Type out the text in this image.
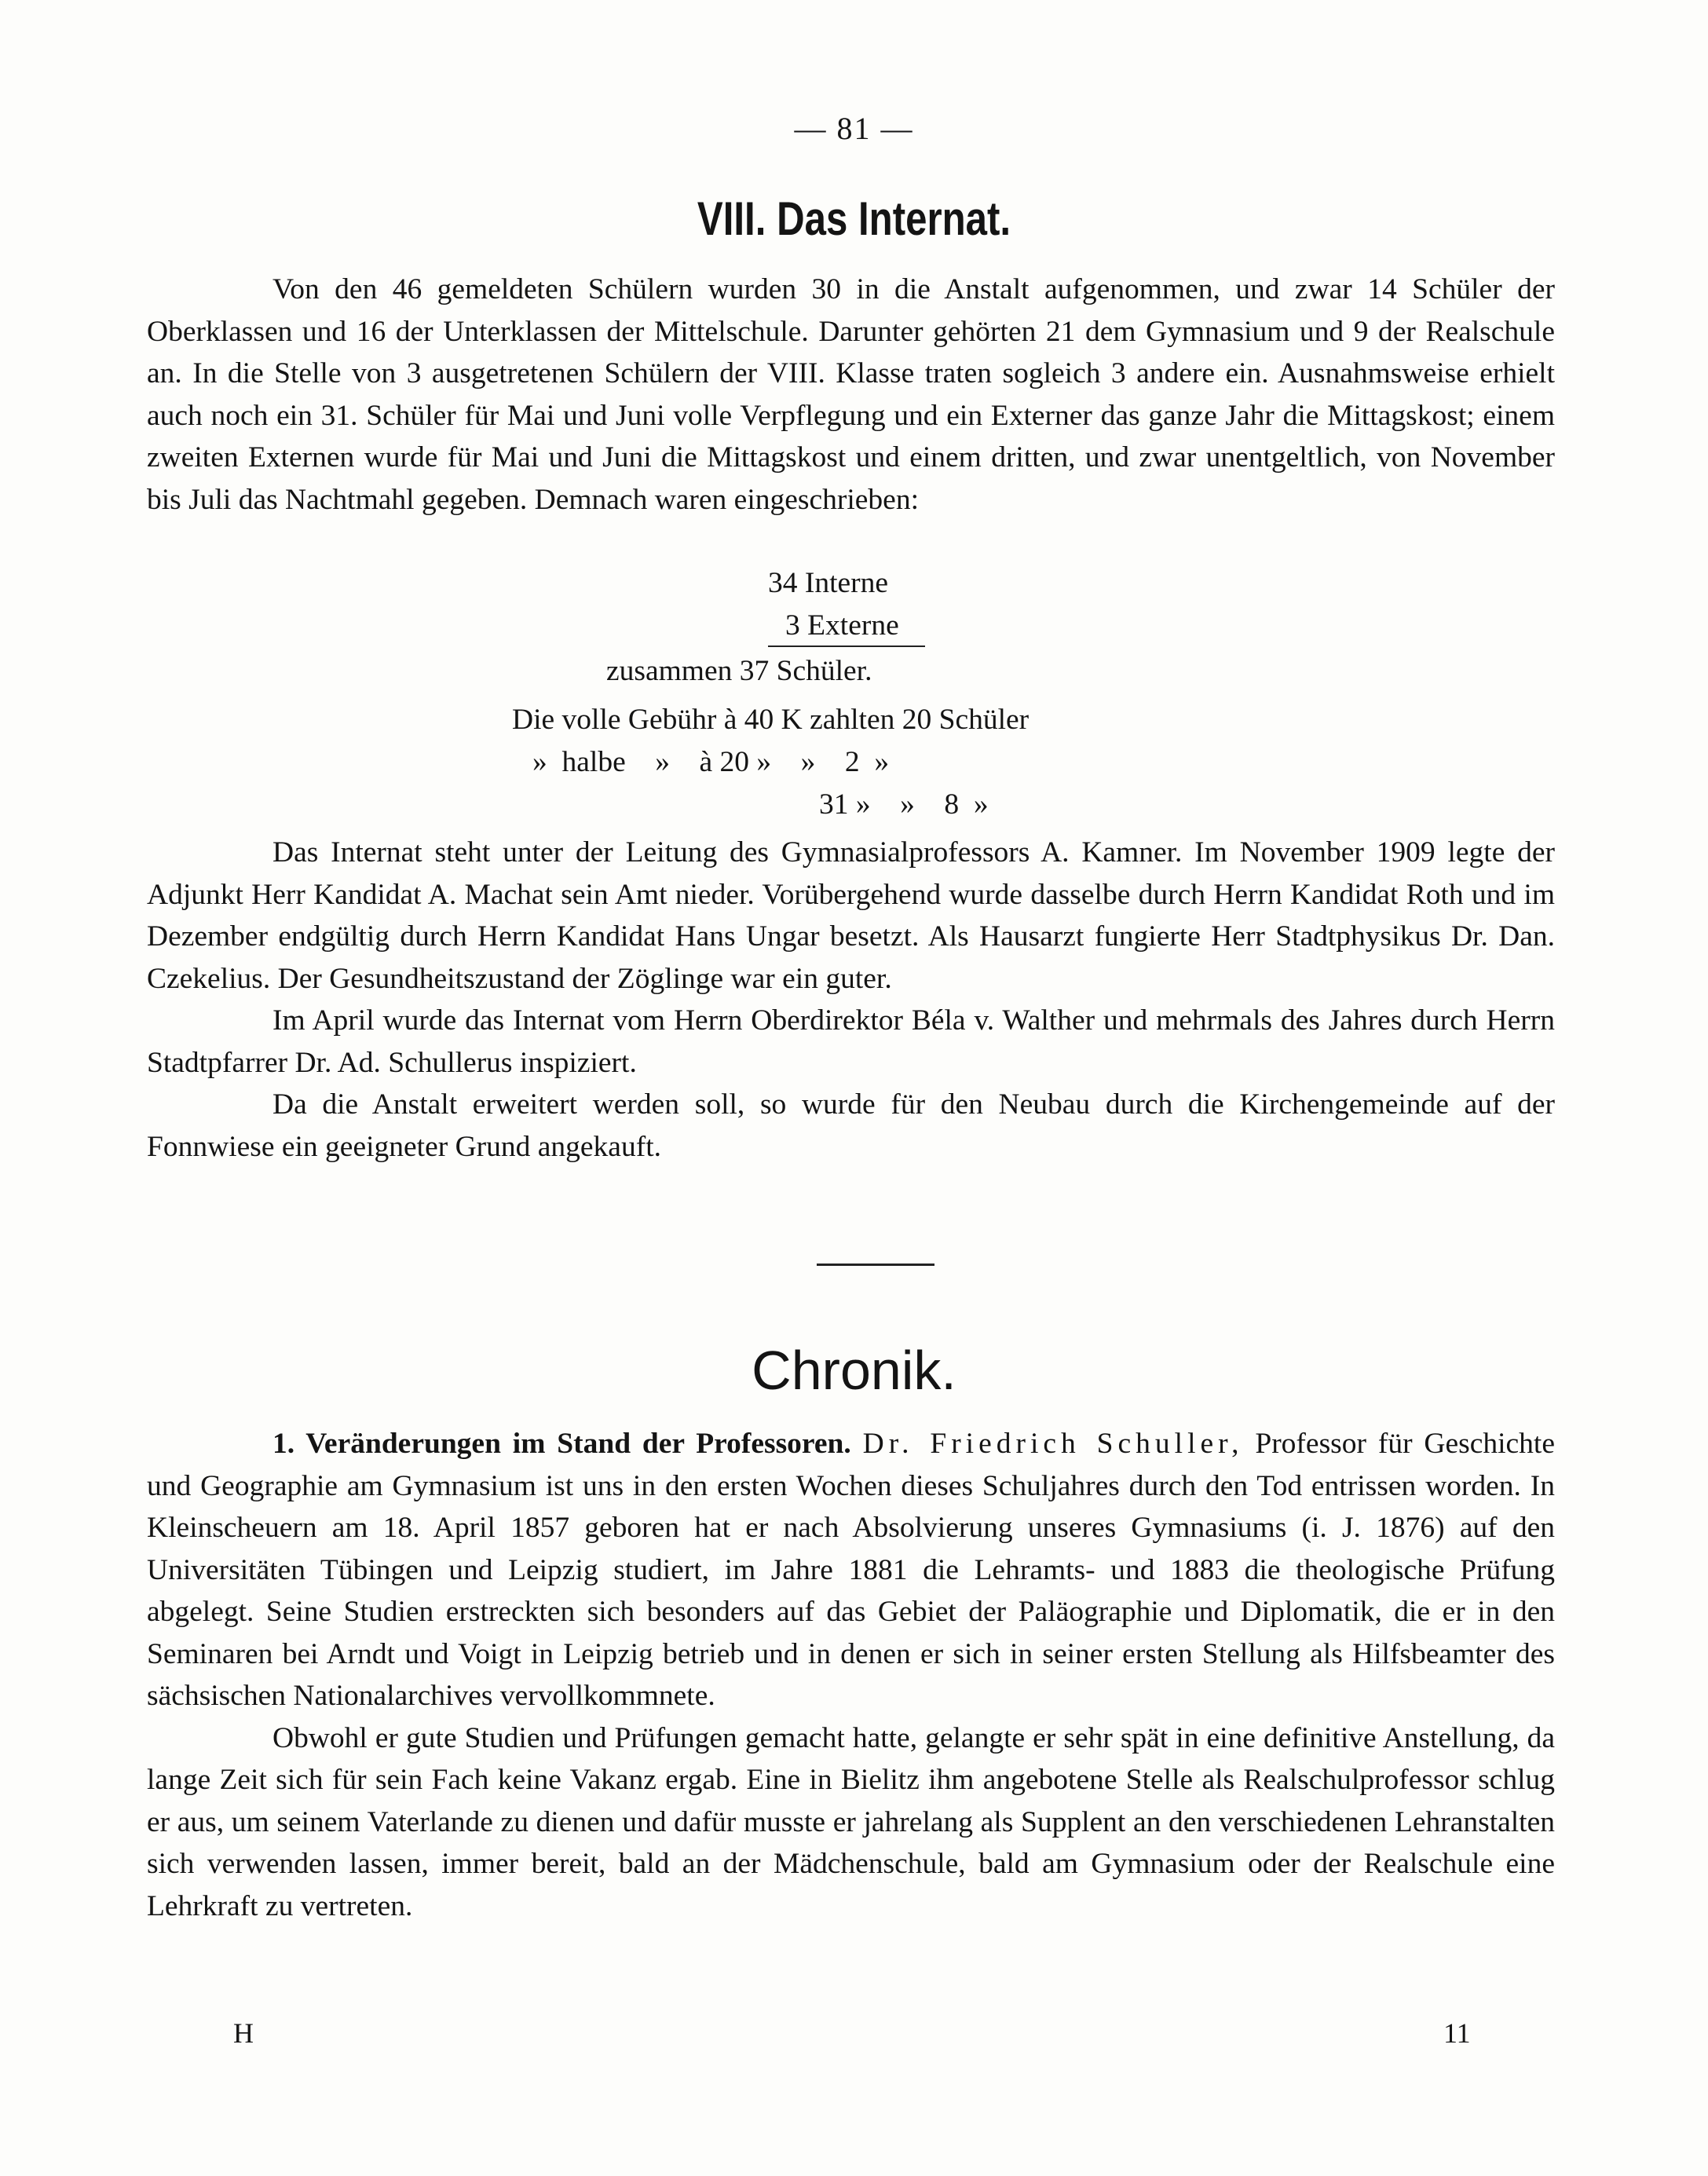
— 81 —
VIII. Das Internat.

Von den 46 gemeldeten Schülern wurden 30 in die Anstalt aufgenommen, und zwar 14 Schüler der Oberklassen und 16 der Unterklassen der Mittelschule. Darunter gehörten 21 dem Gymnasium und 9 der Realschule an. In die Stelle von 3 ausgetretenen Schülern der VIII. Klasse traten sogleich 3 andere ein. Ausnahmsweise erhielt auch noch ein 31. Schüler für Mai und Juni volle Verpflegung und ein Externer das ganze Jahr die Mittagskost; einem zweiten Externen wurde für Mai und Juni die Mittagskost und einem dritten, und zwar unentgeltlich, von November bis Juli das Nachtmahl gegeben. Demnach waren eingeschrieben:

34 Interne
3 Externe
zusammen 37 Schüler.
Die volle Gebühr à 40 K zahlten 20 Schüler
»  halbe    »    à 20 »    »    2  »
31 »    »    8  »

Das Internat steht unter der Leitung des Gymnasialprofessors A. Kamner. Im November 1909 legte der Adjunkt Herr Kandidat A. Machat sein Amt nieder. Vorübergehend wurde dasselbe durch Herrn Kandidat Roth und im Dezember endgültig durch Herrn Kandidat Hans Ungar besetzt. Als Hausarzt fungierte Herr Stadtphysikus Dr. Dan. Czekelius. Der Gesundheitszustand der Zöglinge war ein guter.

Im April wurde das Internat vom Herrn Oberdirektor Béla v. Walther und mehrmals des Jahres durch Herrn Stadtpfarrer Dr. Ad. Schullerus inspiziert.

Da die Anstalt erweitert werden soll, so wurde für den Neubau durch die Kirchengemeinde auf der Fonnwiese ein geeigneter Grund angekauft.

Chronik.

1. Veränderungen im Stand der Professoren. Dr. Friedrich Schuller, Professor für Geschichte und Geographie am Gymnasium ist uns in den ersten Wochen dieses Schuljahres durch den Tod entrissen worden. In Kleinscheuern am 18. April 1857 geboren hat er nach Absolvierung unseres Gymnasiums (i. J. 1876) auf den Universitäten Tübingen und Leipzig studiert, im Jahre 1881 die Lehramts- und 1883 die theologische Prüfung abgelegt. Seine Studien erstreckten sich besonders auf das Gebiet der Paläographie und Diplomatik, die er in den Seminaren bei Arndt und Voigt in Leipzig betrieb und in denen er sich in seiner ersten Stellung als Hilfsbeamter des sächsischen Nationalarchives vervollkommnete.

Obwohl er gute Studien und Prüfungen gemacht hatte, gelangte er sehr spät in eine definitive Anstellung, da lange Zeit sich für sein Fach keine Vakanz ergab. Eine in Bielitz ihm angebotene Stelle als Realschulprofessor schlug er aus, um seinem Vaterlande zu dienen und dafür musste er jahrelang als Supplent an den verschiedenen Lehranstalten sich verwenden lassen, immer bereit, bald an der Mädchenschule, bald am Gymnasium oder der Realschule eine Lehrkraft zu vertreten.

H	11
